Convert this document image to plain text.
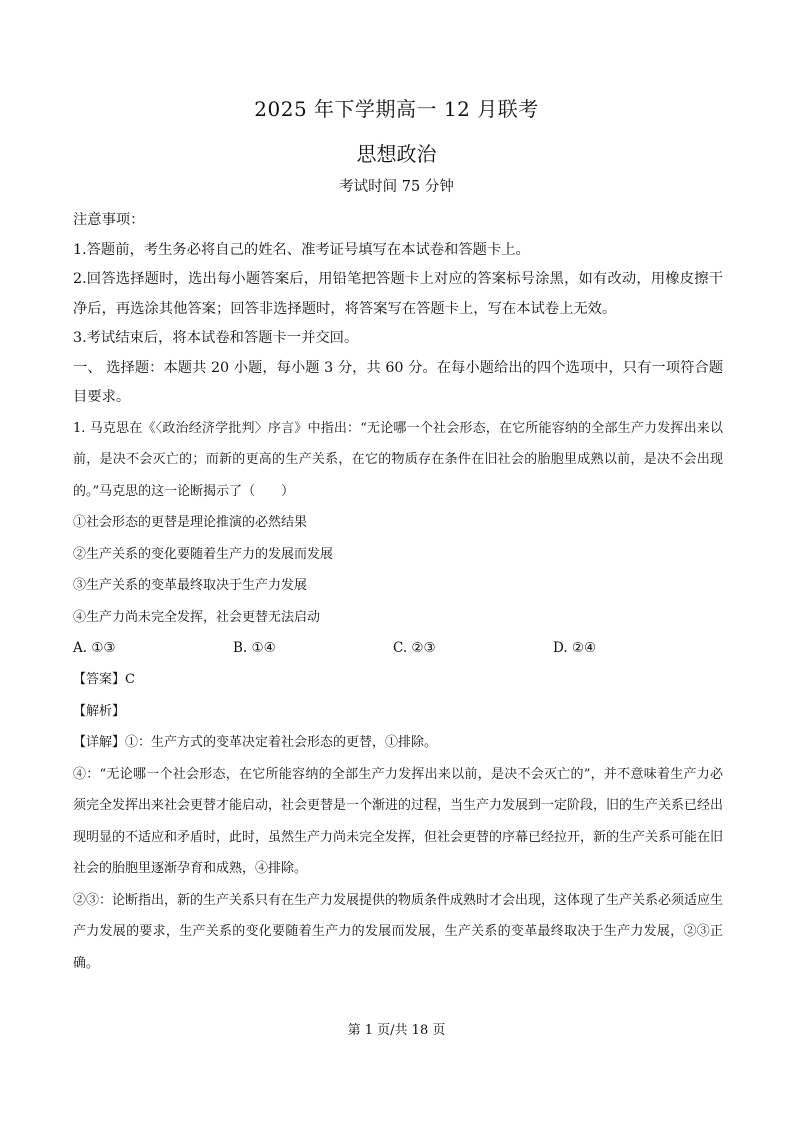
2025 年下学期高一 12 月联考
思想政治
考试时间 75 分钟

注意事项：

1.答题前，考生务必将自己的姓名、准考证号填写在本试卷和答题卡上。

2.回答选择题时，选出每小题答案后，用铅笔把答题卡上对应的答案标号涂黑，如有改动，用橡皮擦干净后，再选涂其他答案；回答非选择题时，将答案写在答题卡上，写在本试卷上无效。

3.考试结束后，将本试卷和答题卡一并交回。

一、 选择题：本题共 20 小题，每小题 3 分，共 60 分。在每小题给出的四个选项中，只有一项符合题目要求。

1. 马克思在《〈政治经济学批判〉序言》中指出：“无论哪一个社会形态，在它所能容纳的全部生产力发挥出来以前，是决不会灭亡的；而新的更高的生产关系，在它的物质存在条件在旧社会的胎胞里成熟以前，是决不会出现的。”马克思的这一论断揭示了（　　）

①社会形态的更替是理论推演的必然结果

②生产关系的变化要随着生产力的发展而发展

③生产关系的变革最终取决于生产力发展

④生产力尚未完全发挥，社会更替无法启动

A. ①③	B. ①④	C. ②③	D. ②④

【答案】C

【解析】

【详解】①：生产方式的变革决定着社会形态的更替，①排除。

④：“无论哪一个社会形态，在它所能容纳的全部生产力发挥出来以前，是决不会灭亡的”，并不意味着生产力必须完全发挥出来社会更替才能启动，社会更替是一个渐进的过程，当生产力发展到一定阶段，旧的生产关系已经出现明显的不适应和矛盾时，此时，虽然生产力尚未完全发挥，但社会更替的序幕已经拉开，新的生产关系可能在旧社会的胎胞里逐渐孕育和成熟，④排除。

②③：论断指出，新的生产关系只有在生产力发展提供的物质条件成熟时才会出现，这体现了生产关系必须适应生产力发展的要求，生产关系的变化要随着生产力的发展而发展，生产关系的变革最终取决于生产力发展，②③正确。

第 1 页/共 18 页
